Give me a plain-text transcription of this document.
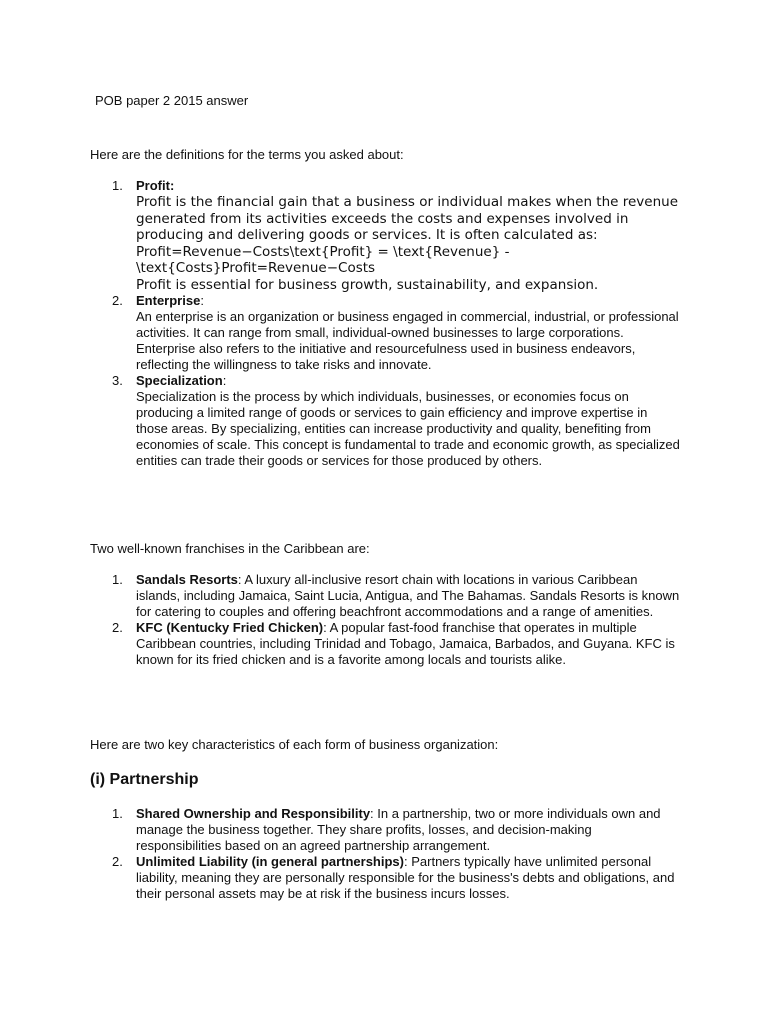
POB paper 2 2015 answer
Here are the definitions for the terms you asked about:
1. Profit:
Profit is the financial gain that a business or individual makes when the revenue generated from its activities exceeds the costs and expenses involved in producing and delivering goods or services. It is often calculated as:
Profit=Revenue−Costs\text{Profit} = \text{Revenue} - \text{Costs}Profit=Revenue−Costs
Profit is essential for business growth, sustainability, and expansion.
2. Enterprise:
An enterprise is an organization or business engaged in commercial, industrial, or professional activities. It can range from small, individual-owned businesses to large corporations. Enterprise also refers to the initiative and resourcefulness used in business endeavors, reflecting the willingness to take risks and innovate.
3. Specialization:
Specialization is the process by which individuals, businesses, or economies focus on producing a limited range of goods or services to gain efficiency and improve expertise in those areas. By specializing, entities can increase productivity and quality, benefiting from economies of scale. This concept is fundamental to trade and economic growth, as specialized entities can trade their goods or services for those produced by others.
Two well-known franchises in the Caribbean are:
1. Sandals Resorts: A luxury all-inclusive resort chain with locations in various Caribbean islands, including Jamaica, Saint Lucia, Antigua, and The Bahamas. Sandals Resorts is known for catering to couples and offering beachfront accommodations and a range of amenities.
2. KFC (Kentucky Fried Chicken): A popular fast-food franchise that operates in multiple Caribbean countries, including Trinidad and Tobago, Jamaica, Barbados, and Guyana. KFC is known for its fried chicken and is a favorite among locals and tourists alike.
Here are two key characteristics of each form of business organization:
(i) Partnership
1. Shared Ownership and Responsibility: In a partnership, two or more individuals own and manage the business together. They share profits, losses, and decision-making responsibilities based on an agreed partnership arrangement.
2. Unlimited Liability (in general partnerships): Partners typically have unlimited personal liability, meaning they are personally responsible for the business's debts and obligations, and their personal assets may be at risk if the business incurs losses.
